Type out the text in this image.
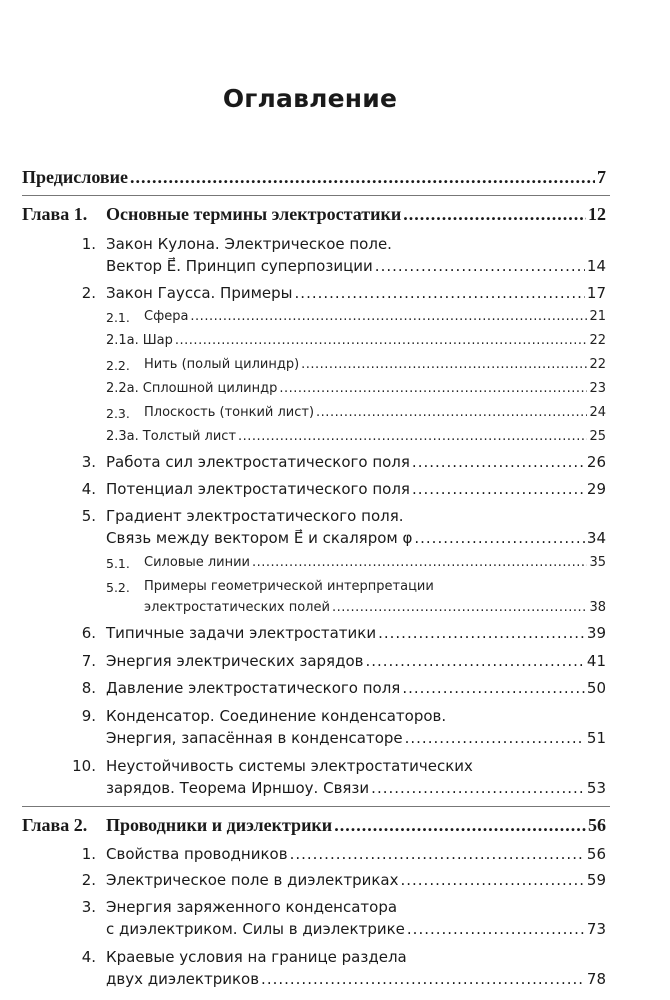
Оглавление
Предисловие .....	7
Глава 1. Основные термины электростатики .....	12
1. Закон Кулона. Электрическое поле.
Вектор E⃗. Принцип суперпозиции .....	14
2. Закон Гаусса. Примеры .....	17
2.1. Сфера .....	21
2.1а. Шар .....	22
2.2. Нить (полый цилиндр) .....	22
2.2а. Сплошной цилиндр .....	23
2.3. Плоскость (тонкий лист) .....	24
2.3а. Толстый лист .....	25
3. Работа сил электростатического поля .....	26
4. Потенциал электростатического поля .....	29
5. Градиент электростатического поля.
Связь между вектором E⃗ и скаляром φ .....	34
5.1. Силовые линии .....	35
5.2. Примеры геометрической интерпретации
электростатических полей .....	38
6. Типичные задачи электростатики .....	39
7. Энергия электрических зарядов .....	41
8. Давление электростатического поля .....	50
9. Конденсатор. Соединение конденсаторов.
Энергия, запасённая в конденсаторе .....	51
10. Неустойчивость системы электростатических
зарядов. Теорема Ирншоу. Связи .....	53
Глава 2. Проводники и диэлектрики .....	56
1. Свойства проводников .....	56
2. Электрическое поле в диэлектриках .....	59
3. Энергия заряженного конденсатора
с диэлектриком. Силы в диэлектрике .....	73
4. Краевые условия на границе раздела
двух диэлектриков .....	78
